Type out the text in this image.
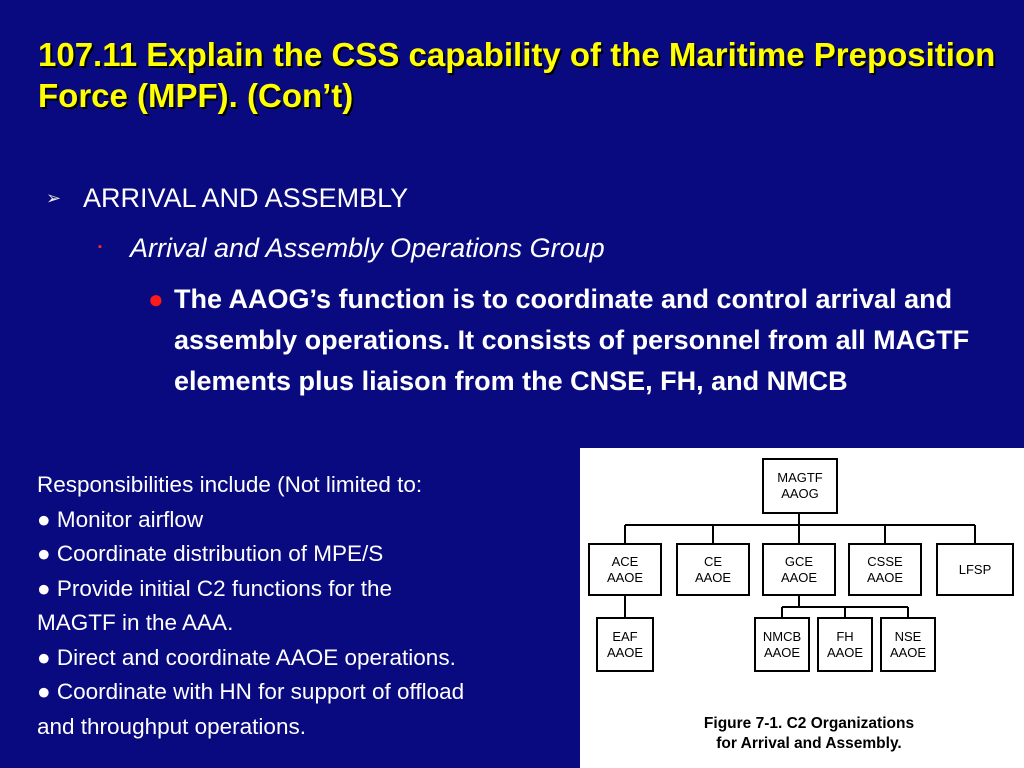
107.11 Explain the CSS capability of the Maritime Preposition Force (MPF). (Con’t)
➢ ARRIVAL AND ASSEMBLY
▪ Arrival and Assembly Operations Group
● The AAOG’s function is to coordinate and control arrival and assembly operations. It consists of personnel from all MAGTF elements plus liaison from the CNSE, FH, and NMCB
Responsibilities include (Not limited to:
● Monitor airflow
● Coordinate distribution of MPE/S
● Provide initial C2 functions for the
MAGTF in the AAA.
● Direct and coordinate AAOE operations.
● Coordinate with HN for support of offload
and throughput operations.
MAGTF
AAOG
ACE
AAOE
CE
AAOE
GCE
AAOE
CSSE
AAOE
LFSP
EAF
AAOE
NMCB
AAOE
FH
AAOE
NSE
AAOE
Figure 7-1. C2 Organizations
for Arrival and Assembly.
